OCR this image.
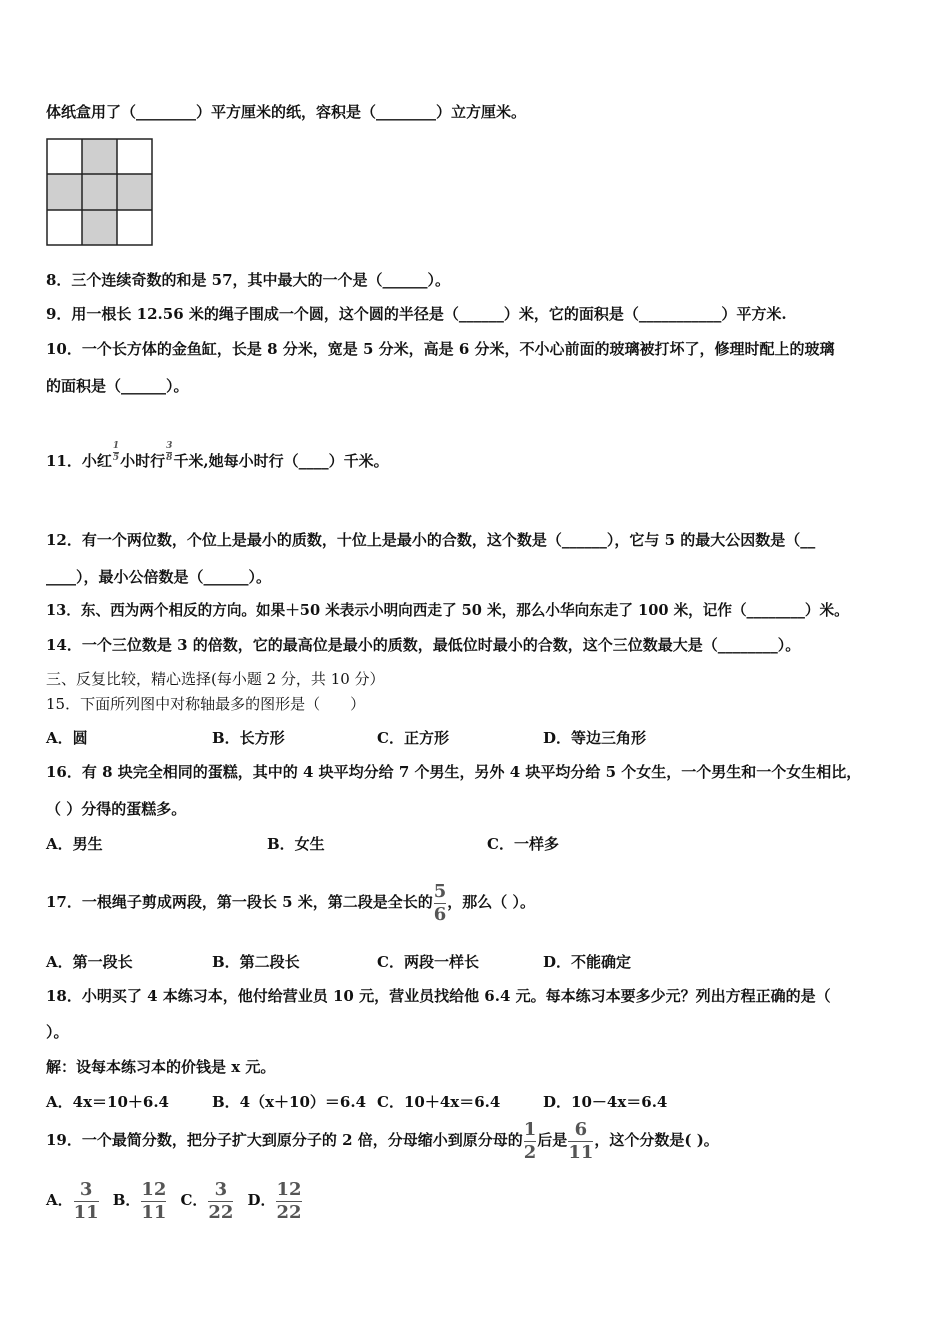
体纸盒用了（________）平方厘米的纸，容积是（________）立方厘米。
8．三个连续奇数的和是 57，其中最大的一个是（______）。
9．用一根长 12.56 米的绳子围成一个圆，这个圆的半径是（______）米，它的面积是（___________）平方米.
10．一个长方体的金鱼缸，长是 8 分米，宽是 5 分米，高是 6 分米，不小心前面的玻璃被打坏了，修理时配上的玻璃
的面积是（______）。
11．小红 $\frac{1}{5}$ 小时行 $\frac{3}{8}$ 千米,她每小时行（____）千米。
12．有一个两位数，个位上是最小的质数，十位上是最小的合数，这个数是（______），它与 5 的最大公因数是（__
____），最小公倍数是（______）。
13．东、西为两个相反的方向。如果＋50 米表示小明向西走了 50 米，那么小华向东走了 100 米，记作（________）米。
14．一个三位数是 3 的倍数，它的最高位是最小的质数，最低位时最小的合数，这个三位数最大是（________）。
三、反复比较，精心选择(每小题 2 分，共 10 分）
15．下面所列图中对称轴最多的图形是（　　）
A．圆	B．长方形	C．正方形	D．等边三角形
16．有 8 块完全相同的蛋糕，其中的 4 块平均分给 7 个男生，另外 4 块平均分给 5 个女生，一个男生和一个女生相比，
（ ）分得的蛋糕多。
A．男生	B．女生	C．一样多
17．一根绳子剪成两段，第一段长 5 米，第二段是全长的 $\frac{5}{6}$ ，那么（ ）。
A．第一段长	B．第二段长	C．两段一样长	D．不能确定
18．小明买了 4 本练习本，他付给营业员 10 元，营业员找给他 6.4 元。每本练习本要多少元？列出方程正确的是（
）。
解：设每本练习本的价钱是 x 元。
A．4x＝10＋6.4	B．4（x＋10）＝6.4 C．10＋4x＝6.4	D．10－4x＝6.4
19．一个最简分数，把分子扩大到原分子的 2 倍，分母缩小到原分母的 $\frac{1}{2}$ 后是 $\frac{6}{11}$ ，这个分数是( )。
A． $\frac{3}{11}$ B． $\frac{12}{11}$ C． $\frac{3}{22}$ D． $\frac{12}{22}$
